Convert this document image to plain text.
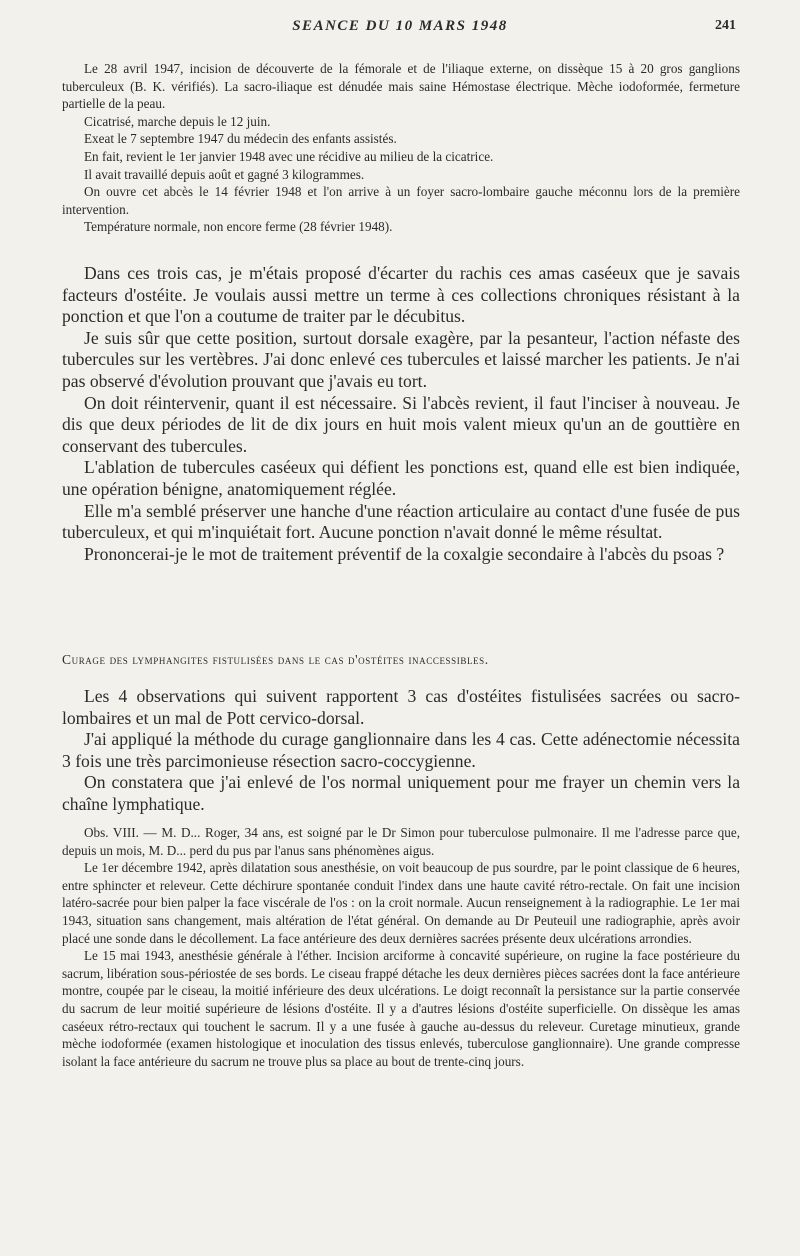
SEANCE DU 10 MARS 1948	241

Le 28 avril 1947, incision de découverte de la fémorale et de l'iliaque externe, on dissèque 15 à 20 gros ganglions tuberculeux (B. K. vérifiés). La sacro-iliaque est dénudée mais saine Hémostase électrique. Mèche iodoformée, fermeture partielle de la peau.

Cicatrisé, marche depuis le 12 juin.

Exeat le 7 septembre 1947 du médecin des enfants assistés.

En fait, revient le 1er janvier 1948 avec une récidive au milieu de la cicatrice.

Il avait travaillé depuis août et gagné 3 kilogrammes.

On ouvre cet abcès le 14 février 1948 et l'on arrive à un foyer sacro-lombaire gauche méconnu lors de la première intervention.

Température normale, non encore ferme (28 février 1948).

Dans ces trois cas, je m'étais proposé d'écarter du rachis ces amas caséeux que je savais facteurs d'ostéite. Je voulais aussi mettre un terme à ces collections chroniques résistant à la ponction et que l'on a coutume de traiter par le décubitus.

Je suis sûr que cette position, surtout dorsale exagère, par la pesanteur, l'action néfaste des tubercules sur les vertèbres. J'ai donc enlevé ces tubercules et laissé marcher les patients. Je n'ai pas observé d'évolution prouvant que j'avais eu tort.

On doit réintervenir, quant il est nécessaire. Si l'abcès revient, il faut l'inciser à nouveau. Je dis que deux périodes de lit de dix jours en huit mois valent mieux qu'un an de gouttière en conservant des tubercules.

L'ablation de tubercules caséeux qui défient les ponctions est, quand elle est bien indiquée, une opération bénigne, anatomiquement réglée.

Elle m'a semblé préserver une hanche d'une réaction articulaire au contact d'une fusée de pus tuberculeux, et qui m'inquiétait fort. Aucune ponction n'avait donné le même résultat.

Prononcerai-je le mot de traitement préventif de la coxalgie secondaire à l'abcès du psoas ?

Curage des lymphangites fistulisées dans le cas d'ostéites inaccessibles.

Les 4 observations qui suivent rapportent 3 cas d'ostéites fistulisées sacrées ou sacro-lombaires et un mal de Pott cervico-dorsal.

J'ai appliqué la méthode du curage ganglionnaire dans les 4 cas. Cette adénectomie nécessita 3 fois une très parcimonieuse résection sacro-coccygienne.

On constatera que j'ai enlevé de l'os normal uniquement pour me frayer un chemin vers la chaîne lymphatique.

Obs. VIII. — M. D... Roger, 34 ans, est soigné par le Dr Simon pour tuberculose pulmonaire. Il me l'adresse parce que, depuis un mois, M. D... perd du pus par l'anus sans phénomènes aigus.

Le 1er décembre 1942, après dilatation sous anesthésie, on voit beaucoup de pus sourdre, par le point classique de 6 heures, entre sphincter et releveur. Cette déchirure spontanée conduit l'index dans une haute cavité rétro-rectale. On fait une incision latéro-sacrée pour bien palper la face viscérale de l'os : on la croit normale. Aucun renseignement à la radiographie. Le 1er mai 1943, situation sans changement, mais altération de l'état général. On demande au Dr Peuteuil une radiographie, après avoir placé une sonde dans le décollement. La face antérieure des deux dernières sacrées présente deux ulcérations arrondies.

Le 15 mai 1943, anesthésie générale à l'éther. Incision arciforme à concavité supérieure, on rugine la face postérieure du sacrum, libération sous-périostée de ses bords. Le ciseau frappé détache les deux dernières pièces sacrées dont la face antérieure montre, coupée par le ciseau, la moitié inférieure des deux ulcérations. Le doigt reconnaît la persistance sur la partie conservée du sacrum de leur moitié supérieure de lésions d'ostéite. Il y a d'autres lésions d'ostéite superficielle. On dissèque les amas caséeux rétro-rectaux qui touchent le sacrum. Il y a une fusée à gauche au-dessus du releveur. Curetage minutieux, grande mèche iodoformée (examen histologique et inoculation des tissus enlevés, tuberculose ganglionnaire). Une grande compresse isolant la face antérieure du sacrum ne trouve plus sa place au bout de trente-cinq jours.
